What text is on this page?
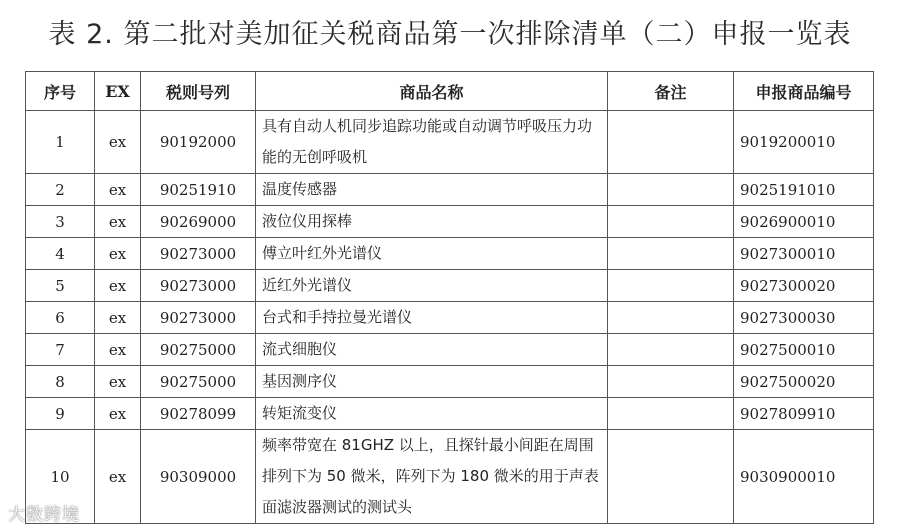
表 2. 第二批对美加征关税商品第一次排除清单（二）申报一览表
序号	EX	税则号列	商品名称	备注	申报商品编号
1	ex	90192000	具有自动人机同步追踪功能或自动调节呼吸压力功能的无创呼吸机		9019200010
2	ex	90251910	温度传感器		9025191010
3	ex	90269000	液位仪用探棒		9026900010
4	ex	90273000	傅立叶红外光谱仪		9027300010
5	ex	90273000	近红外光谱仪		9027300020
6	ex	90273000	台式和手持拉曼光谱仪		9027300030
7	ex	90275000	流式细胞仪		9027500010
8	ex	90275000	基因测序仪		9027500020
9	ex	90278099	转矩流变仪		9027809910
10	ex	90309000	频率带宽在 81GHZ 以上，且探针最小间距在周围排列下为 50 微米，阵列下为 180 微米的用于声表面滤波器测试的测试头		9030900010
大数跨境
